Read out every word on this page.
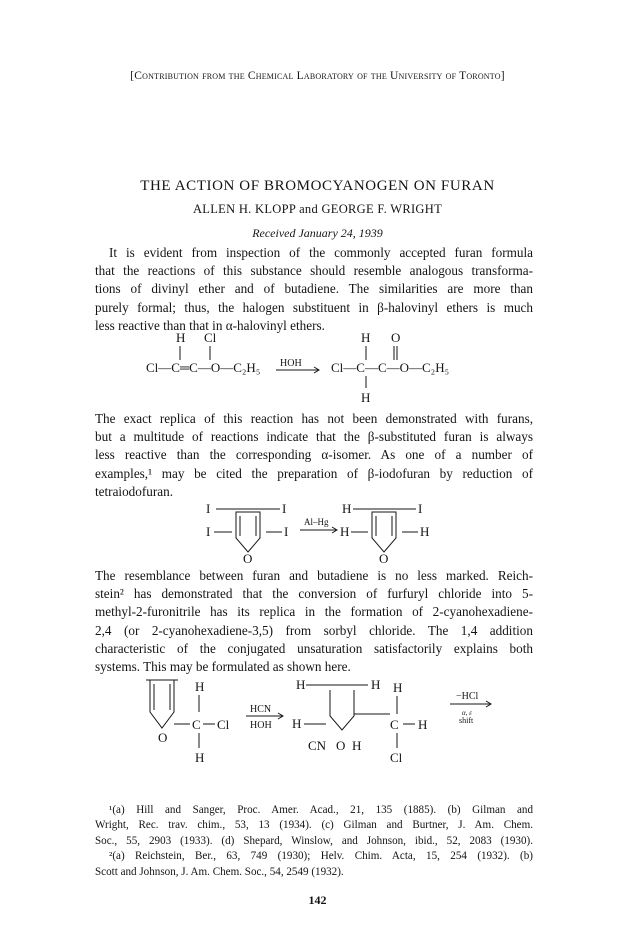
[Contribution from the Chemical Laboratory of the University of Toronto]
THE ACTION OF BROMOCYANOGEN ON FURAN
ALLEN H. KLOPP and GEORGE F. WRIGHT
Received January 24, 1939
It is evident from inspection of the commonly accepted furan formula
that the reactions of this substance should resemble analogous transforma-
tions of divinyl ether and of butadiene. The similarities are more than
purely formal; thus, the halogen substituent in β-halovinyl ethers is much
less reactive than that in α-halovinyl ethers.
H Cl
Cl—C═C—O—C₂H₅ HOH
H O
Cl—C—C—O—C₂H₅
H
The exact replica of this reaction has not been demonstrated with furans,
but a multitude of reactions indicate that the β-substituted furan is always
less reactive than the corresponding α-isomer. As one of a number of
examples,¹ may be cited the preparation of β-iodofuran by reduction of
tetraiodofuran.
I	I
I	I
O
Al–Hg
H	I
H	H
O
The resemblance between furan and butadiene is no less marked. Reich-
stein² has demonstrated that the conversion of furfuryl chloride into 5-
methyl-2-furonitrile has its replica in the formation of 2-cyanohexadiene-
2,4 (or 2-cyanohexadiene-3,5) from sorbyl chloride. The 1,4 addition
characteristic of the conjugated unsaturation satisfactorily explains both
systems. This may be formulated as shown here.
O
H
C Cl
H
HCN
HOH
H	H H
H	C H
CN O H
Cl
−HCl
α, ε
shift
¹(a) Hill and Sanger, Proc. Amer. Acad., 21, 135 (1885). (b) Gilman and
Wright, Rec. trav. chim., 53, 13 (1934). (c) Gilman and Burtner, J. Am. Chem.
Soc., 55, 2903 (1933). (d) Shepard, Winslow, and Johnson, ibid., 52, 2083 (1930).
²(a) Reichstein, Ber., 63, 749 (1930); Helv. Chim. Acta, 15, 254 (1932). (b)
Scott and Johnson, J. Am. Chem. Soc., 54, 2549 (1932).
142
